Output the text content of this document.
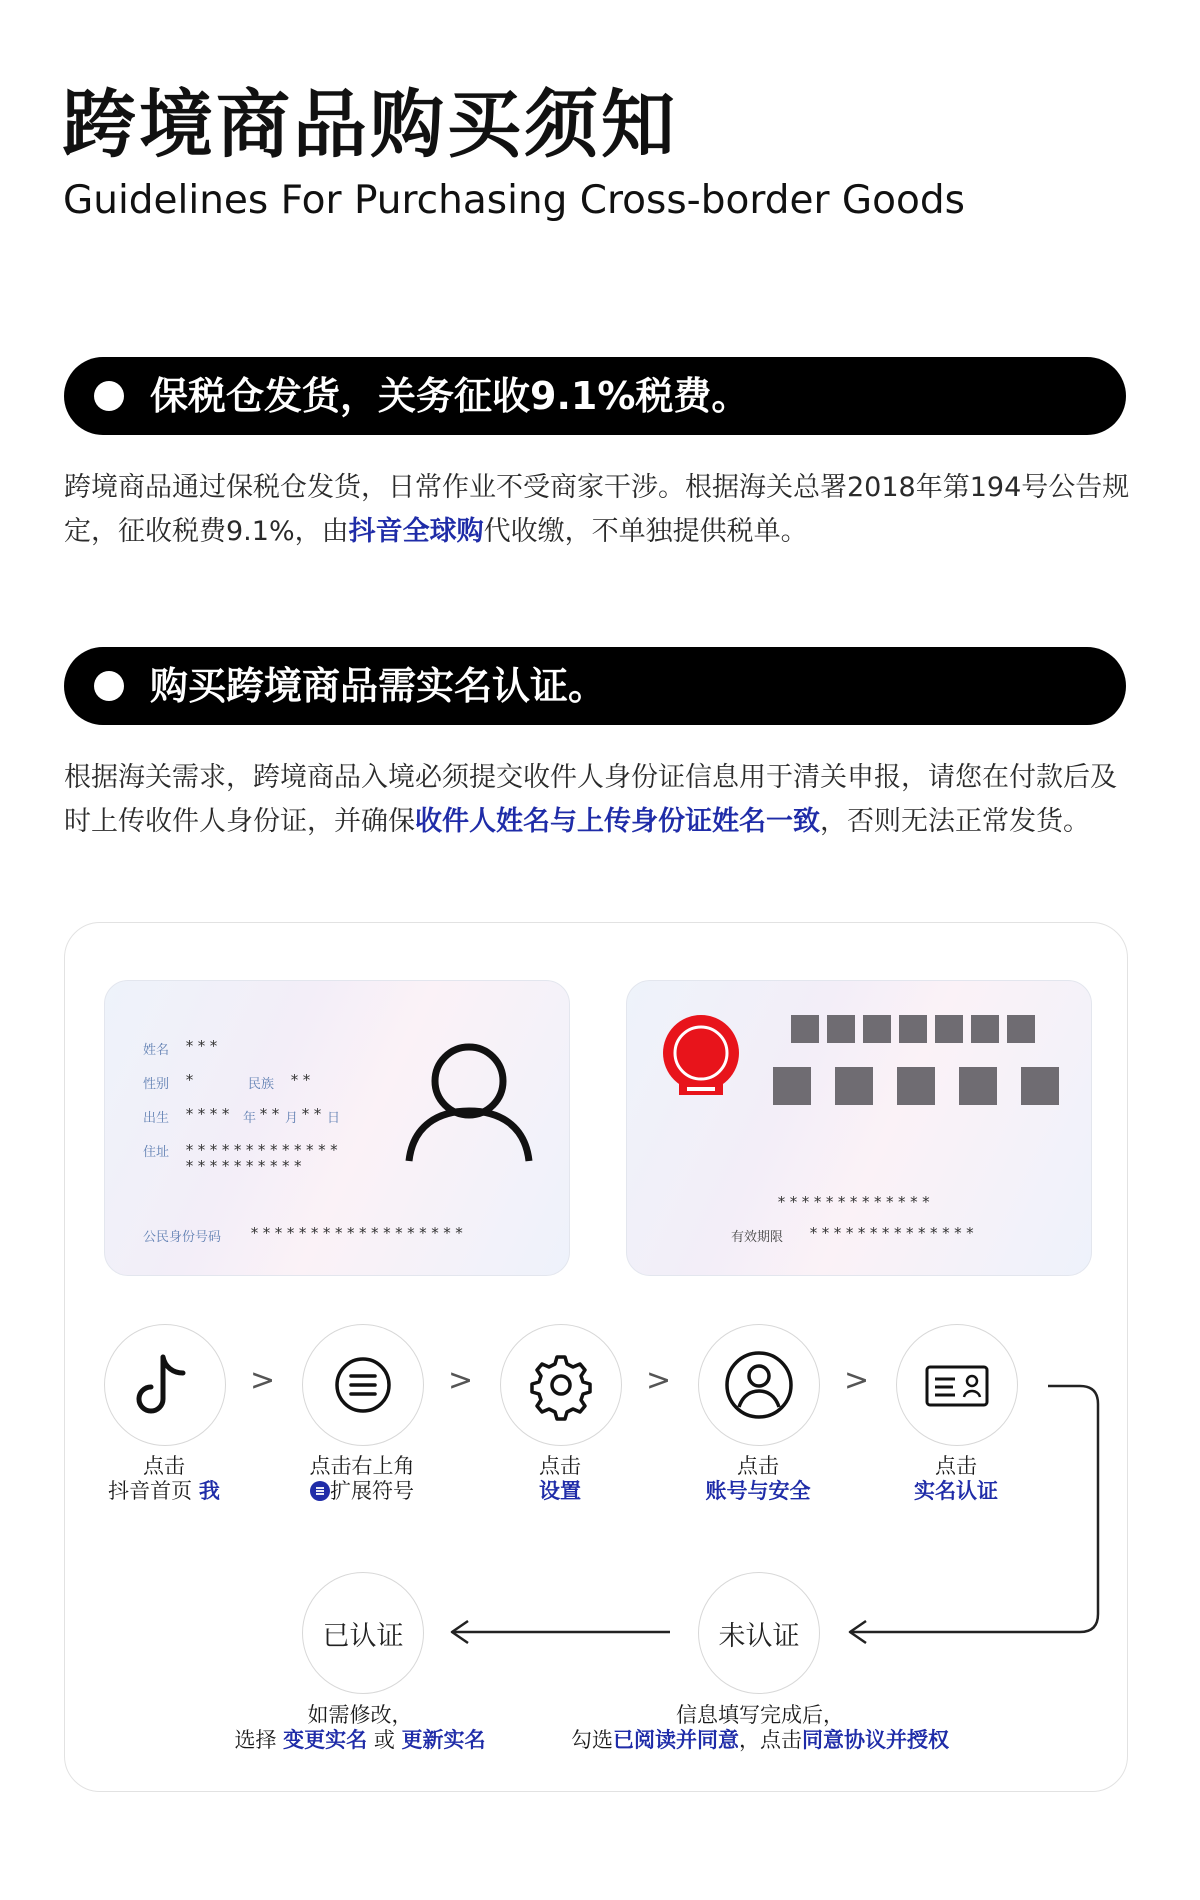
跨境商品购买须知
Guidelines For Purchasing Cross-border Goods
保税仓发货，关务征收9.1%税费。
跨境商品通过保税仓发货，日常作业不受商家干涉。根据海关总署2018年第194号公告规定，征收税费9.1%，由抖音全球购代收缴，不单独提供税单。
购买跨境商品需实名认证。
根据海关需求，跨境商品入境必须提交收件人身份证信息用于清关申报，请您在付款后及时上传收件人身份证，并确保收件人姓名与上传身份证姓名一致，否则无法正常发货。
姓名 ***
性别 *	民族 **
出生 **** 年 ** 月 ** 日
住址 *************
**********
公民身份号码 ******************
*************
有效期限 **************
>
点击
抖音首页 我
>
点击右上角
扩展符号
>
点击
设置
>
点击
账号与安全
点击
实名认证
未认证
已认证
信息填写完成后，
勾选已阅读并同意，点击同意协议并授权
如需修改，
选择 变更实名 或 更新实名
